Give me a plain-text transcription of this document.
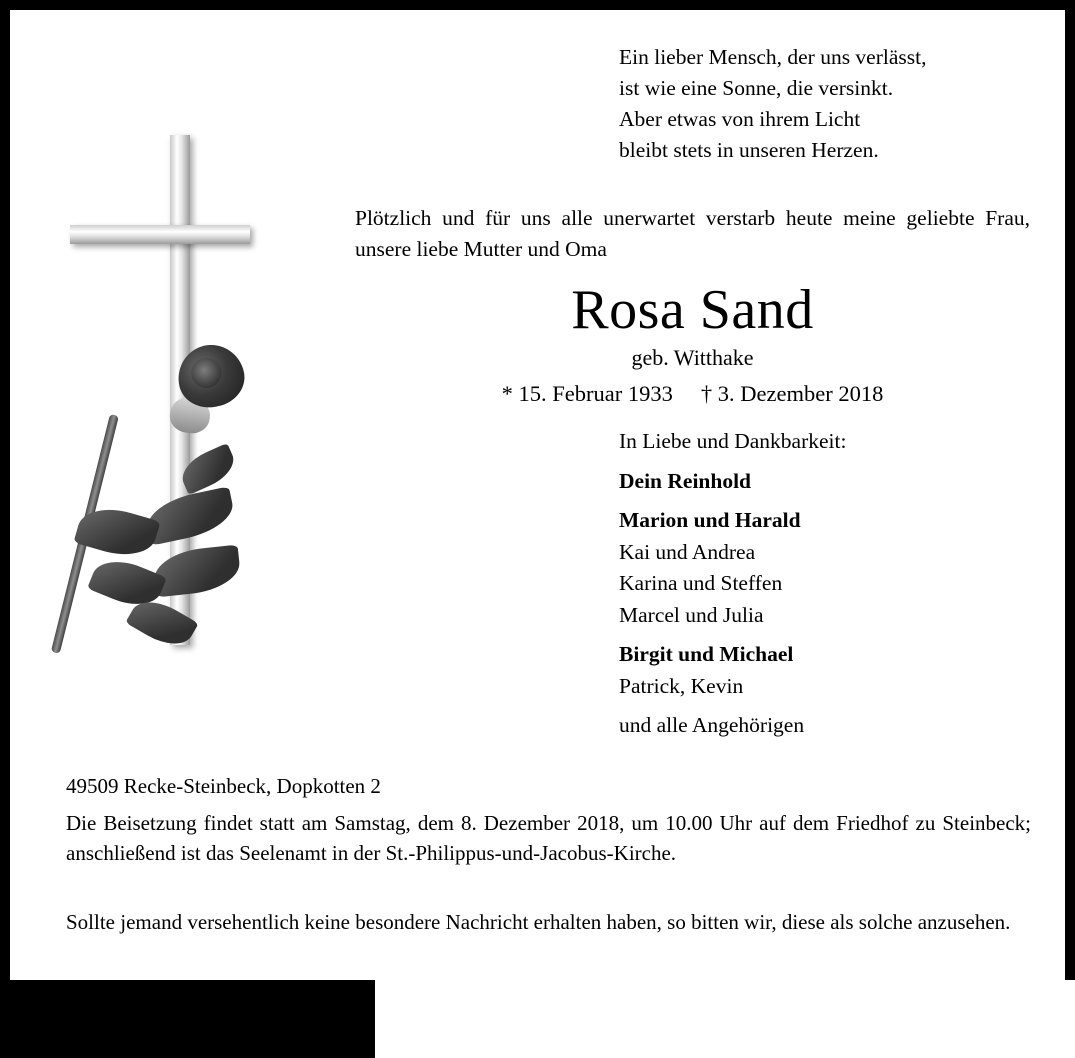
Ein lieber Mensch, der uns verlässt,
ist wie eine Sonne, die versinkt.
Aber etwas von ihrem Licht
bleibt stets in unseren Herzen.
Plötzlich und für uns alle unerwartet verstarb heute meine geliebte Frau, unsere liebe Mutter und Oma
Rosa Sand
geb. Witthake
* 15. Februar 1933 † 3. Dezember 2018
In Liebe und Dankbarkeit:
Dein Reinhold
Marion und Harald
Kai und Andrea
Karina und Steffen
Marcel und Julia
Birgit und Michael
Patrick, Kevin
und alle Angehörigen
49509 Recke-Steinbeck, Dopkotten 2
Die Beisetzung findet statt am Samstag, dem 8. Dezember 2018, um 10.00 Uhr auf dem Friedhof zu Steinbeck; anschließend ist das Seelenamt in der St.-Philippus-und-Jacobus-Kirche.
Sollte jemand versehentlich keine besondere Nachricht erhalten haben, so bitten wir, diese als solche anzusehen.
